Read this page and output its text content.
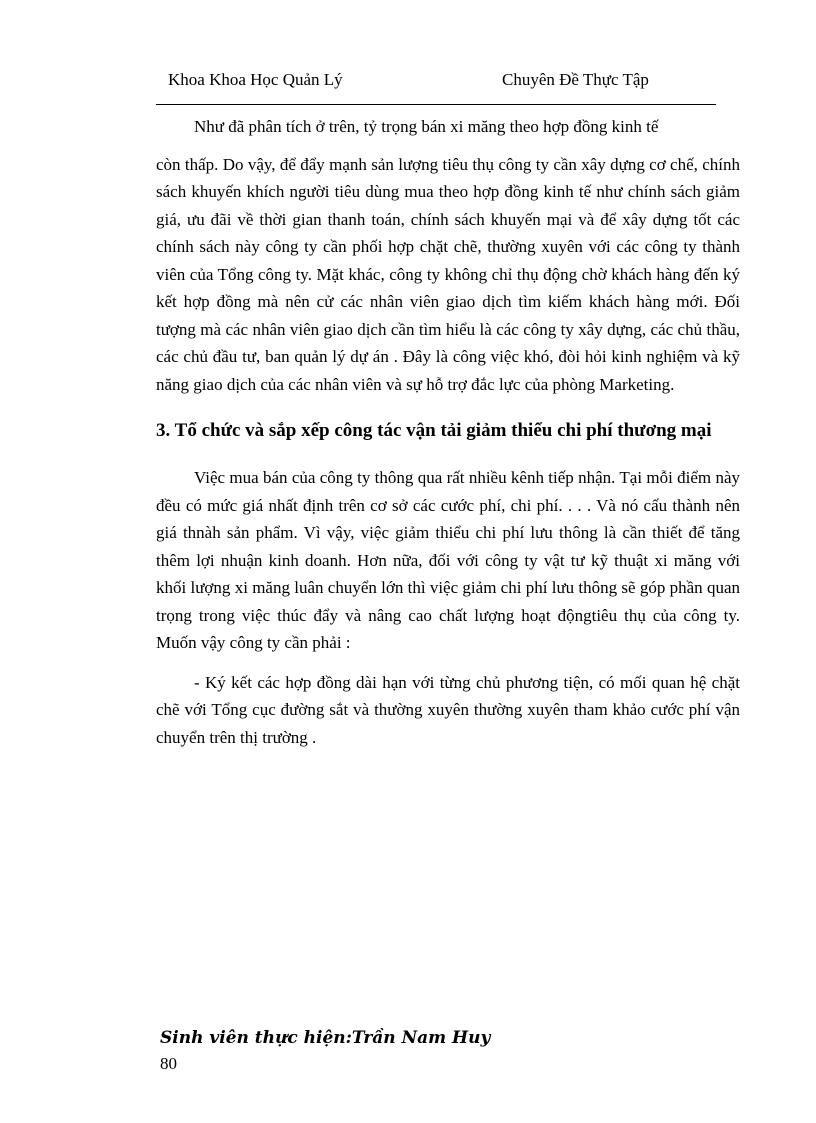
Khoa Khoa Học Quản Lý	Chuyên Đề Thực Tập

Như đã phân tích ở trên, tỷ trọng bán xi măng theo hợp đồng kinh tế

còn thấp. Do vậy, để đẩy mạnh sản lượng tiêu thụ công ty cần xây dựng cơ chế, chính sách khuyến khích người tiêu dùng mua theo hợp đồng kinh tế như chính sách giảm giá, ưu đãi về thời gian thanh toán, chính sách khuyến mại và để xây dựng tốt các chính sách này công ty cần phối hợp chặt chẽ, thường xuyên với các công ty thành viên của Tổng công ty. Mặt khác, công ty không chỉ thụ động chờ khách hàng đến ký kết hợp đồng mà nên cử các nhân viên giao dịch tìm kiếm khách hàng mới. Đối tượng mà các nhân viên giao dịch cần tìm hiểu là các công ty xây dựng, các chủ thầu, các chủ đầu tư, ban quản lý dự án . Đây là công việc khó, đòi hỏi kinh nghiệm và kỹ năng giao dịch của các nhân viên và sự hỗ trợ đắc lực của phòng Marketing.

3. Tổ chức và sắp xếp công tác vận tải giảm thiểu chi phí thương mại

Việc mua bán của công ty thông qua rất nhiều kênh tiếp nhận. Tại mỗi điểm này đều có mức giá nhất định trên cơ sở các cước phí, chi phí. . . . Và nó cấu thành nên giá thnàh sản phẩm. Vì vậy, việc giảm thiểu chi phí lưu thông là cần thiết để tăng thêm lợi nhuận kinh doanh. Hơn nữa, đối với công ty vật tư kỹ thuật xi măng với khối lượng xi măng luân chuyển lớn thì việc giảm chi phí lưu thông sẽ góp phần quan trọng trong việc thúc đẩy và nâng cao chất lượng hoạt độngtiêu thụ của công ty. Muốn vậy công ty cần phải :

- Ký kết các hợp đồng dài hạn với từng chủ phương tiện, có mối quan hệ chặt chẽ với Tổng cục đường sắt và thường xuyên thường xuyên tham khảo cước phí vận chuyển trên thị trường .

Sinh viên thực hiện:Trần Nam Huy
80
